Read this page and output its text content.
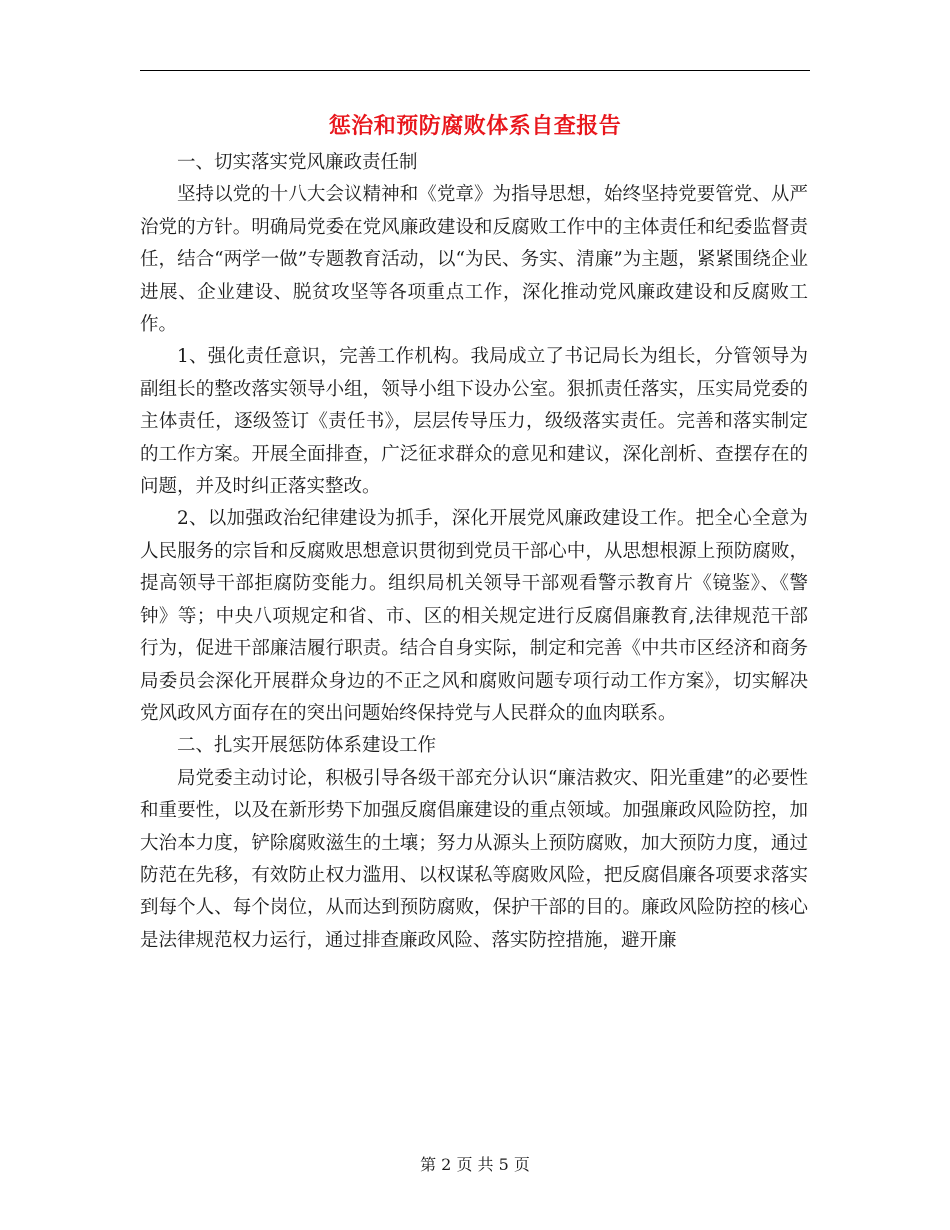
惩治和预防腐败体系自查报告

一、切实落实党风廉政责任制

坚持以党的十八大会议精神和《党章》为指导思想，始终坚持党要管党、从严治党的方针。明确局党委在党风廉政建设和反腐败工作中的主体责任和纪委监督责任，结合“两学一做”专题教育活动，以“为民、务实、清廉”为主题，紧紧围绕企业进展、企业建设、脱贫攻坚等各项重点工作，深化推动党风廉政建设和反腐败工作。

1、强化责任意识，完善工作机构。我局成立了书记局长为组长，分管领导为副组长的整改落实领导小组，领导小组下设办公室。狠抓责任落实，压实局党委的主体责任，逐级签订《责任书》，层层传导压力，级级落实责任。完善和落实制定的工作方案。开展全面排查，广泛征求群众的意见和建议，深化剖析、查摆存在的问题，并及时纠正落实整改。

2、以加强政治纪律建设为抓手，深化开展党风廉政建设工作。把全心全意为人民服务的宗旨和反腐败思想意识贯彻到党员干部心中，从思想根源上预防腐败，提高领导干部拒腐防变能力。组织局机关领导干部观看警示教育片《镜鉴》、《警钟》等；中央八项规定和省、市、区的相关规定进行反腐倡廉教育,法律规范干部行为，促进干部廉洁履行职责。结合自身实际，制定和完善《中共市区经济和商务局委员会深化开展群众身边的不正之风和腐败问题专项行动工作方案》，切实解决党风政风方面存在的突出问题始终保持党与人民群众的血肉联系。

二、扎实开展惩防体系建设工作

局党委主动讨论，积极引导各级干部充分认识“廉洁救灾、阳光重建”的必要性和重要性，以及在新形势下加强反腐倡廉建设的重点领域。加强廉政风险防控，加大治本力度，铲除腐败滋生的土壤；努力从源头上预防腐败，加大预防力度，通过防范在先移，有效防止权力滥用、以权谋私等腐败风险，把反腐倡廉各项要求落实到每个人、每个岗位，从而达到预防腐败，保护干部的目的。廉政风险防控的核心是法律规范权力运行，通过排查廉政风险、落实防控措施，避开廉

第 2 页 共 5 页
